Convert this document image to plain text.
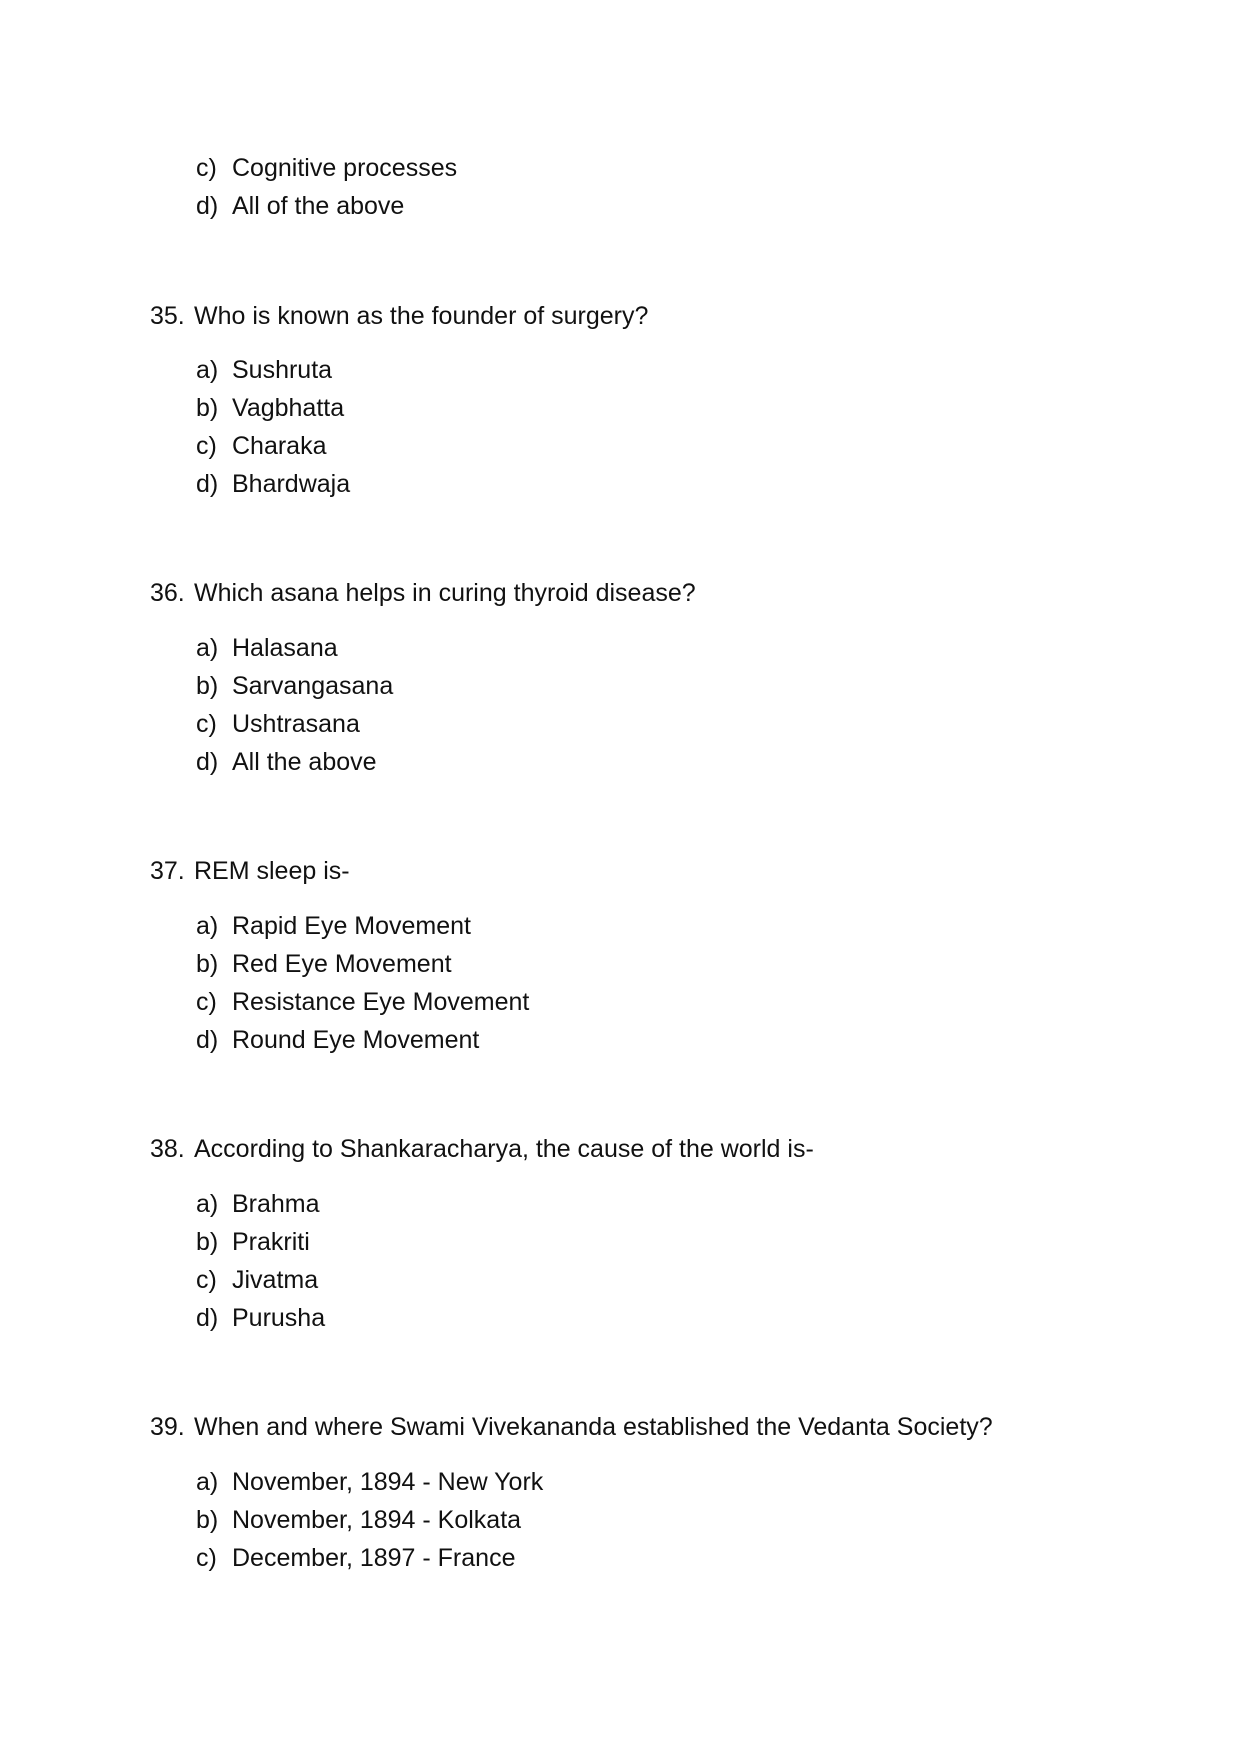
c) Cognitive processes
d) All of the above
35. Who is known as the founder of surgery?
a) Sushruta
b) Vagbhatta
c) Charaka
d) Bhardwaja
36. Which asana helps in curing thyroid disease?
a) Halasana
b) Sarvangasana
c) Ushtrasana
d) All the above
37. REM sleep is-
a) Rapid Eye Movement
b) Red Eye Movement
c) Resistance Eye Movement
d) Round Eye Movement
38. According to Shankaracharya, the cause of the world is-
a) Brahma
b) Prakriti
c) Jivatma
d) Purusha
39. When and where Swami Vivekananda established the Vedanta Society?
a) November, 1894 - New York
b) November, 1894 - Kolkata
c) December, 1897 - France
